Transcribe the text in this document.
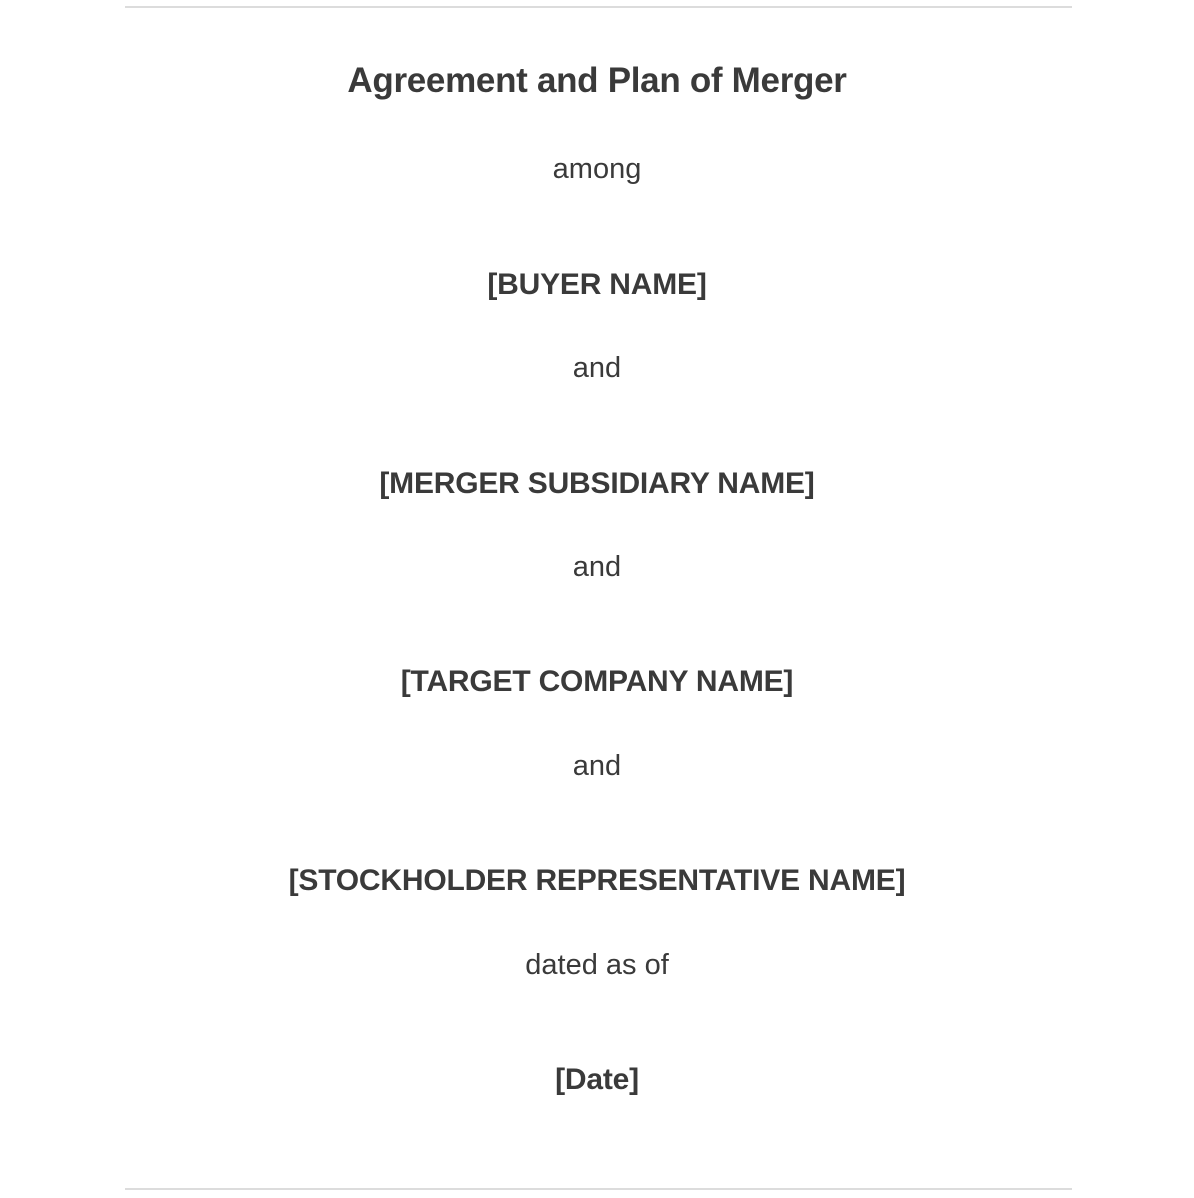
Agreement and Plan of Merger
among
[BUYER NAME]
and
[MERGER SUBSIDIARY NAME]
and
[TARGET COMPANY NAME]
and
[STOCKHOLDER REPRESENTATIVE NAME]
dated as of
[Date]
